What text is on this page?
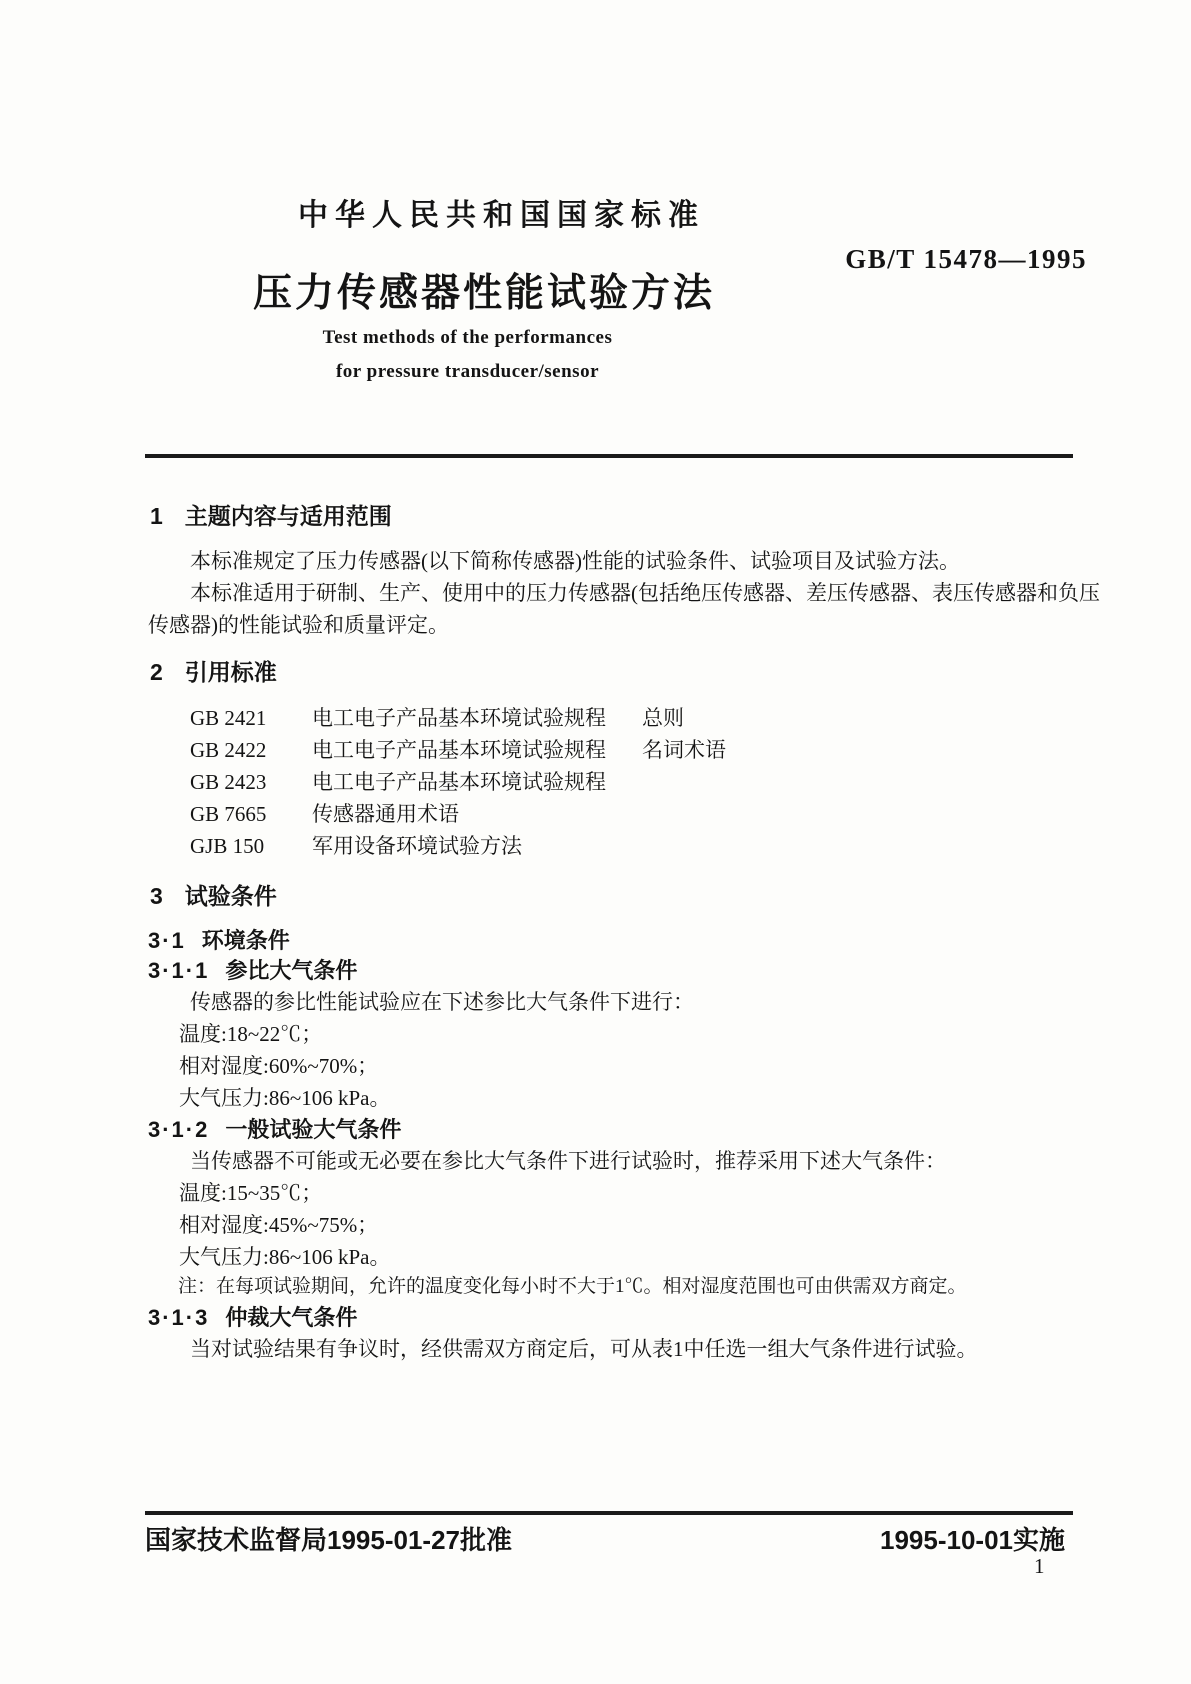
中华人民共和国国家标准
GB/T 15478—1995
压力传感器性能试验方法
Test methods of the performances
for pressure transducer/sensor
1 主题内容与适用范围
本标准规定了压力传感器(以下简称传感器)性能的试验条件、试验项目及试验方法。
本标准适用于研制、生产、使用中的压力传感器(包括绝压传感器、差压传感器、表压传感器和负压传感器)的性能试验和质量评定。
2 引用标准
GB 2421	电工电子产品基本环境试验规程 总则
GB 2422	电工电子产品基本环境试验规程 名词术语
GB 2423	电工电子产品基本环境试验规程
GB 7665	传感器通用术语
GJB 150	军用设备环境试验方法
3 试验条件
3·1 环境条件
3·1·1 参比大气条件
传感器的参比性能试验应在下述参比大气条件下进行：
温度:18~22℃；
相对湿度:60%~70%；
大气压力:86~106 kPa。
3·1·2 一般试验大气条件
当传感器不可能或无必要在参比大气条件下进行试验时，推荐采用下述大气条件：
温度:15~35℃；
相对湿度:45%~75%；
大气压力:86~106 kPa。
注：在每项试验期间，允许的温度变化每小时不大于1℃。相对湿度范围也可由供需双方商定。
3·1·3 仲裁大气条件
当对试验结果有争议时，经供需双方商定后，可从表1中任选一组大气条件进行试验。
国家技术监督局1995-01-27批准	1995-10-01实施
1
